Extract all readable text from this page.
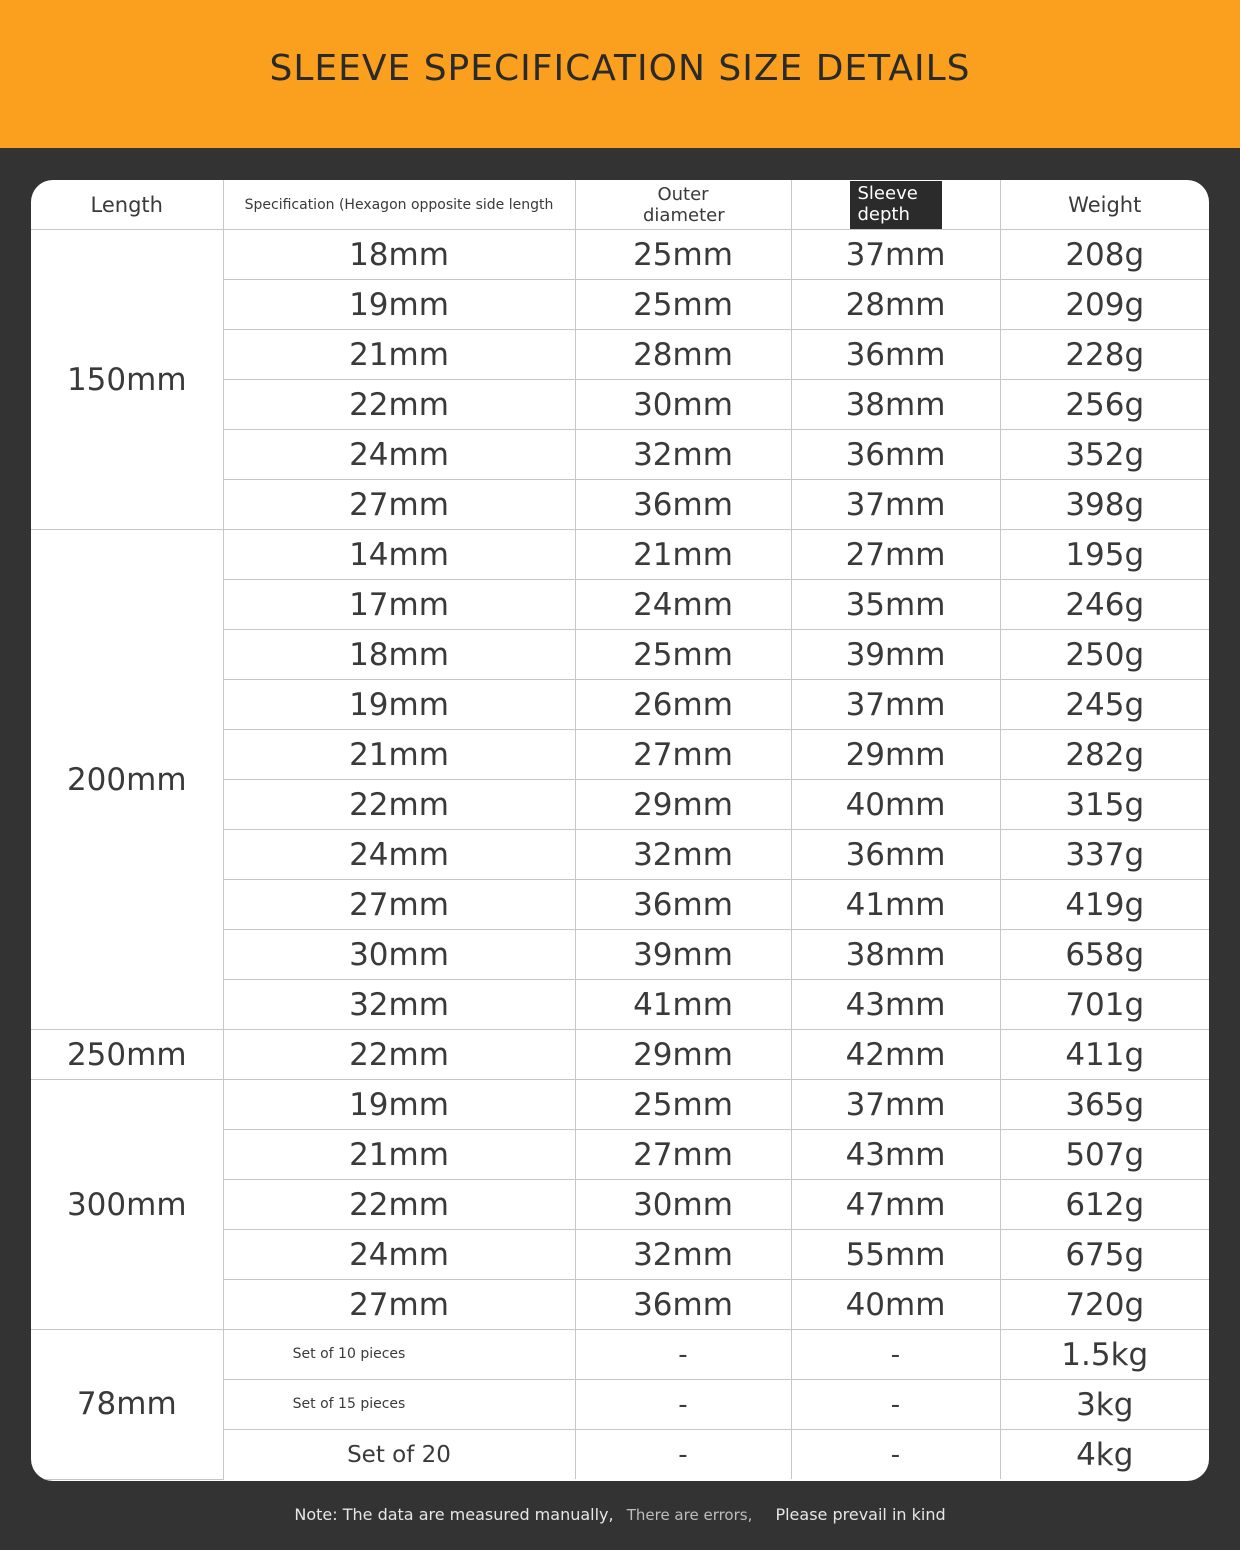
SLEEVE SPECIFICATION SIZE DETAILS
Length	Specification (Hexagon opposite side length	Outer diameter	Sleeve depth	Weight
150mm	18mm	25mm	37mm	208g
	19mm	25mm	28mm	209g
	21mm	28mm	36mm	228g
	22mm	30mm	38mm	256g
	24mm	32mm	36mm	352g
	27mm	36mm	37mm	398g
200mm	14mm	21mm	27mm	195g
	17mm	24mm	35mm	246g
	18mm	25mm	39mm	250g
	19mm	26mm	37mm	245g
	21mm	27mm	29mm	282g
	22mm	29mm	40mm	315g
	24mm	32mm	36mm	337g
	27mm	36mm	41mm	419g
	30mm	39mm	38mm	658g
	32mm	41mm	43mm	701g
250mm	22mm	29mm	42mm	411g
300mm	19mm	25mm	37mm	365g
	21mm	27mm	43mm	507g
	22mm	30mm	47mm	612g
	24mm	32mm	55mm	675g
	27mm	36mm	40mm	720g
78mm	Set of 10 pieces	-	-	1.5kg
	Set of 15 pieces	-	-	3kg
	Set of 20	-	-	4kg
Note: The data are measured manually, There are errors, Please prevail in kind
